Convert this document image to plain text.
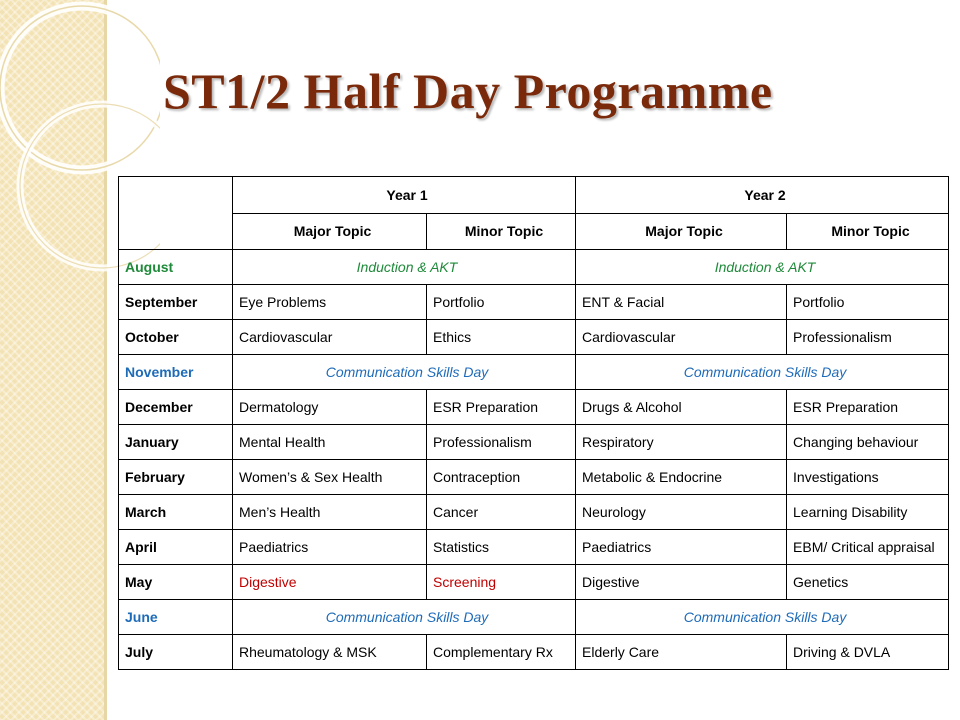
ST1/2 Half Day Programme
	Year 1		Year 2	
	Major Topic	Minor Topic	Major Topic	Minor Topic
August	Induction & AKT		Induction & AKT	
September	Eye Problems	Portfolio	ENT & Facial	Portfolio
October	Cardiovascular	Ethics	Cardiovascular	Professionalism
November	Communication Skills Day		Communication Skills Day	
December	Dermatology	ESR Preparation	Drugs & Alcohol	ESR Preparation
January	Mental Health	Professionalism	Respiratory	Changing behaviour
February	Women’s & Sex Health	Contraception	Metabolic & Endocrine	Investigations
March	Men’s Health	Cancer	Neurology	Learning Disability
April	Paediatrics	Statistics	Paediatrics	EBM/ Critical appraisal
May	Digestive	Screening	Digestive	Genetics
June	Communication Skills Day		Communication Skills Day	
July	Rheumatology & MSK	Complementary Rx	Elderly Care	Driving & DVLA
